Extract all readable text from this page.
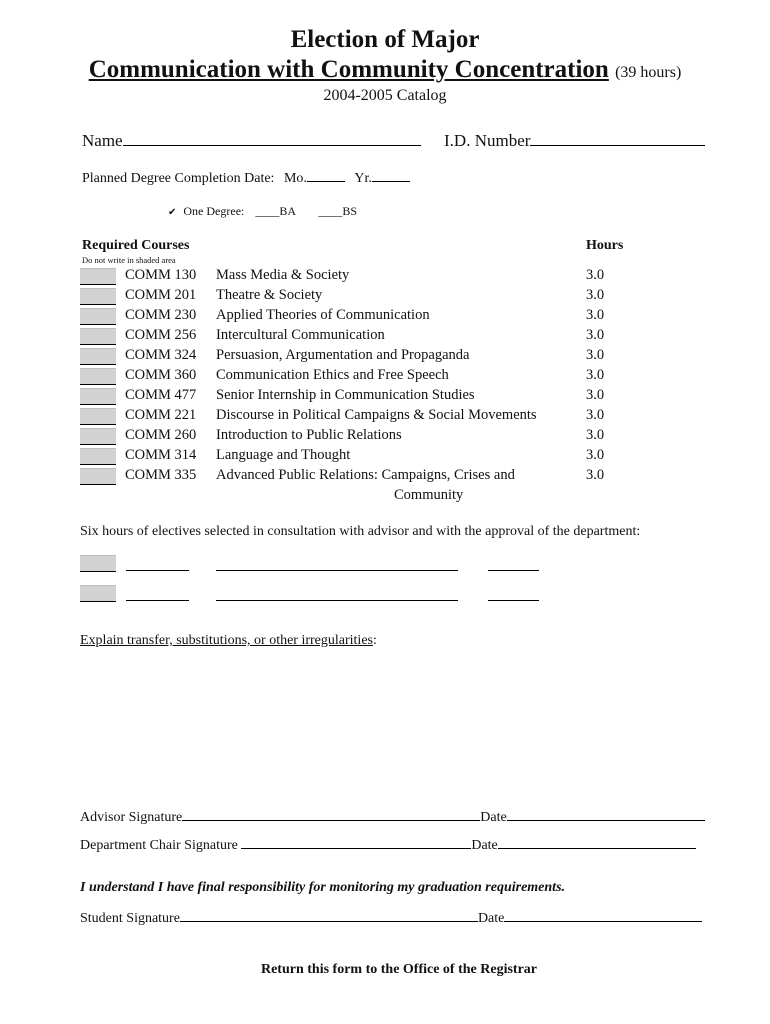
Election of Major
Communication with Community Concentration (39 hours)
2004-2005 Catalog
Name	I.D. Number
Planned Degree Completion Date: Mo.	Yr.
✔ One Degree: ____BA ____BS
Required Courses
Do not write in shaded area
Hours
COMM 130 Mass Media & Society	3.0
COMM 201 Theatre & Society	3.0
COMM 230 Applied Theories of Communication	3.0
COMM 256 Intercultural Communication	3.0
COMM 324 Persuasion, Argumentation and Propaganda	3.0
COMM 360 Communication Ethics and Free Speech	3.0
COMM 477 Senior Internship in Communication Studies	3.0
COMM 221 Discourse in Political Campaigns & Social Movements	3.0
COMM 260 Introduction to Public Relations	3.0
COMM 314 Language and Thought	3.0
COMM 335 Advanced Public Relations: Campaigns, Crises and	3.0
Community
Six hours of electives selected in consultation with advisor and with the approval of the department:
Explain transfer, substitutions, or other irregularities:
Advisor Signature	Date
Department Chair Signature	Date
I understand I have final responsibility for monitoring my graduation requirements.
Student Signature	Date
Return this form to the Office of the Registrar
